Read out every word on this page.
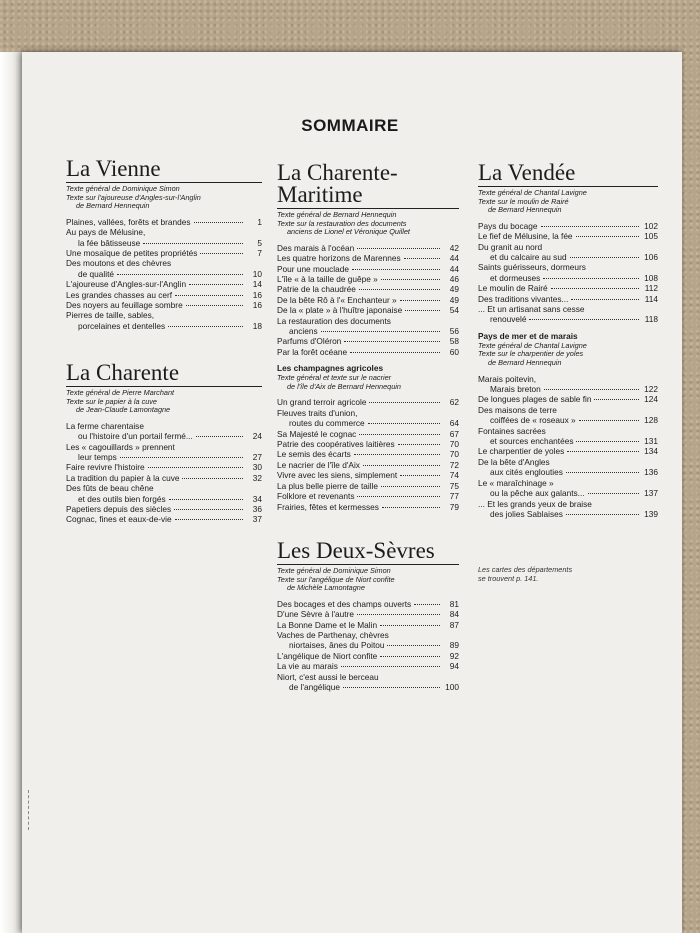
SOMMAIRE
La Vienne
Texte général de Dominique Simon
Texte sur l'ajoureuse d'Angles-sur-l'Anglin
de Bernard Hennequin
Plaines, vallées, forêts et brandes	1
Au pays de Mélusine,
la fée bâtisseuse	5
Une mosaïque de petites propriétés	7
Des moutons et des chèvres
de qualité	10
L'ajoureuse d'Angles-sur-l'Anglin	14
Les grandes chasses au cerf	16
Des noyers au feuillage sombre	16
Pierres de taille, sables,
porcelaines et dentelles	18
La Charente
Texte général de Pierre Marchant
Texte sur le papier à la cuve
de Jean-Claude Lamontagne
La ferme charentaise
ou l'histoire d'un portail fermé...	24
Les « cagouillards » prennent
leur temps	27
Faire revivre l'histoire	30
La tradition du papier à la cuve	32
Des fûts de beau chêne
et des outils bien forgés	34
Papetiers depuis des siècles	36
Cognac, fines et eaux-de-vie	37
La Charente-
Maritime
Texte général de Bernard Hennequin
Texte sur la restauration des documents
anciens de Lionel et Véronique Quillet
Des marais à l'océan	42
Les quatre horizons de Marennes	44
Pour une mouclade	44
L'île « à la taille de guêpe »	46
Patrie de la chaudrée	49
De la bête Rô à l'« Enchanteur »	49
De la « plate » à l'huître japonaise	54
La restauration des documents
anciens	56
Parfums d'Oléron	58
Par la forêt océane	60
Les champagnes agricoles
Texte général et texte sur le nacrier
de l'île d'Aix de Bernard Hennequin
Un grand terroir agricole	62
Fleuves traits d'union,
routes du commerce	64
Sa Majesté le cognac	67
Patrie des coopératives laitières	70
Le semis des écarts	70
Le nacrier de l'île d'Aix	72
Vivre avec les siens, simplement	74
La plus belle pierre de taille	75
Folklore et revenants	77
Frairies, fêtes et kermesses	79
Les Deux-Sèvres
Texte général de Dominique Simon
Texte sur l'angélique de Niort confite
de Michèle Lamontagne
Des bocages et des champs ouverts	81
D'une Sèvre à l'autre	84
La Bonne Dame et le Malin	87
Vaches de Parthenay, chèvres
niortaises, ânes du Poitou	89
L'angélique de Niort confite	92
La vie au marais	94
Niort, c'est aussi le berceau
de l'angélique	100
La Vendée
Texte général de Chantal Lavigne
Texte sur le moulin de Rairé
de Bernard Hennequin
Pays du bocage	102
Le fief de Mélusine, la fée	105
Du granit au nord
et du calcaire au sud	106
Saints guérisseurs, dormeurs
et dormeuses	108
Le moulin de Rairé	112
Des traditions vivantes...	114
... Et un artisanat sans cesse
renouvelé	118
Pays de mer et de marais
Texte général de Chantal Lavigne
Texte sur le charpentier de yoles
de Bernard Hennequin
Marais poitevin,
Marais breton	122
De longues plages de sable fin	124
Des maisons de terre
coiffées de « roseaux »	128
Fontaines sacrées
et sources enchantées	131
Le charpentier de yoles	134
De la bête d'Angles
aux cités englouties	136
Le « maraîchinage »
ou la pêche aux galants...	137
... Et les grands yeux de braise
des jolies Sablaises	139
Les cartes des départements
se trouvent p. 141.
